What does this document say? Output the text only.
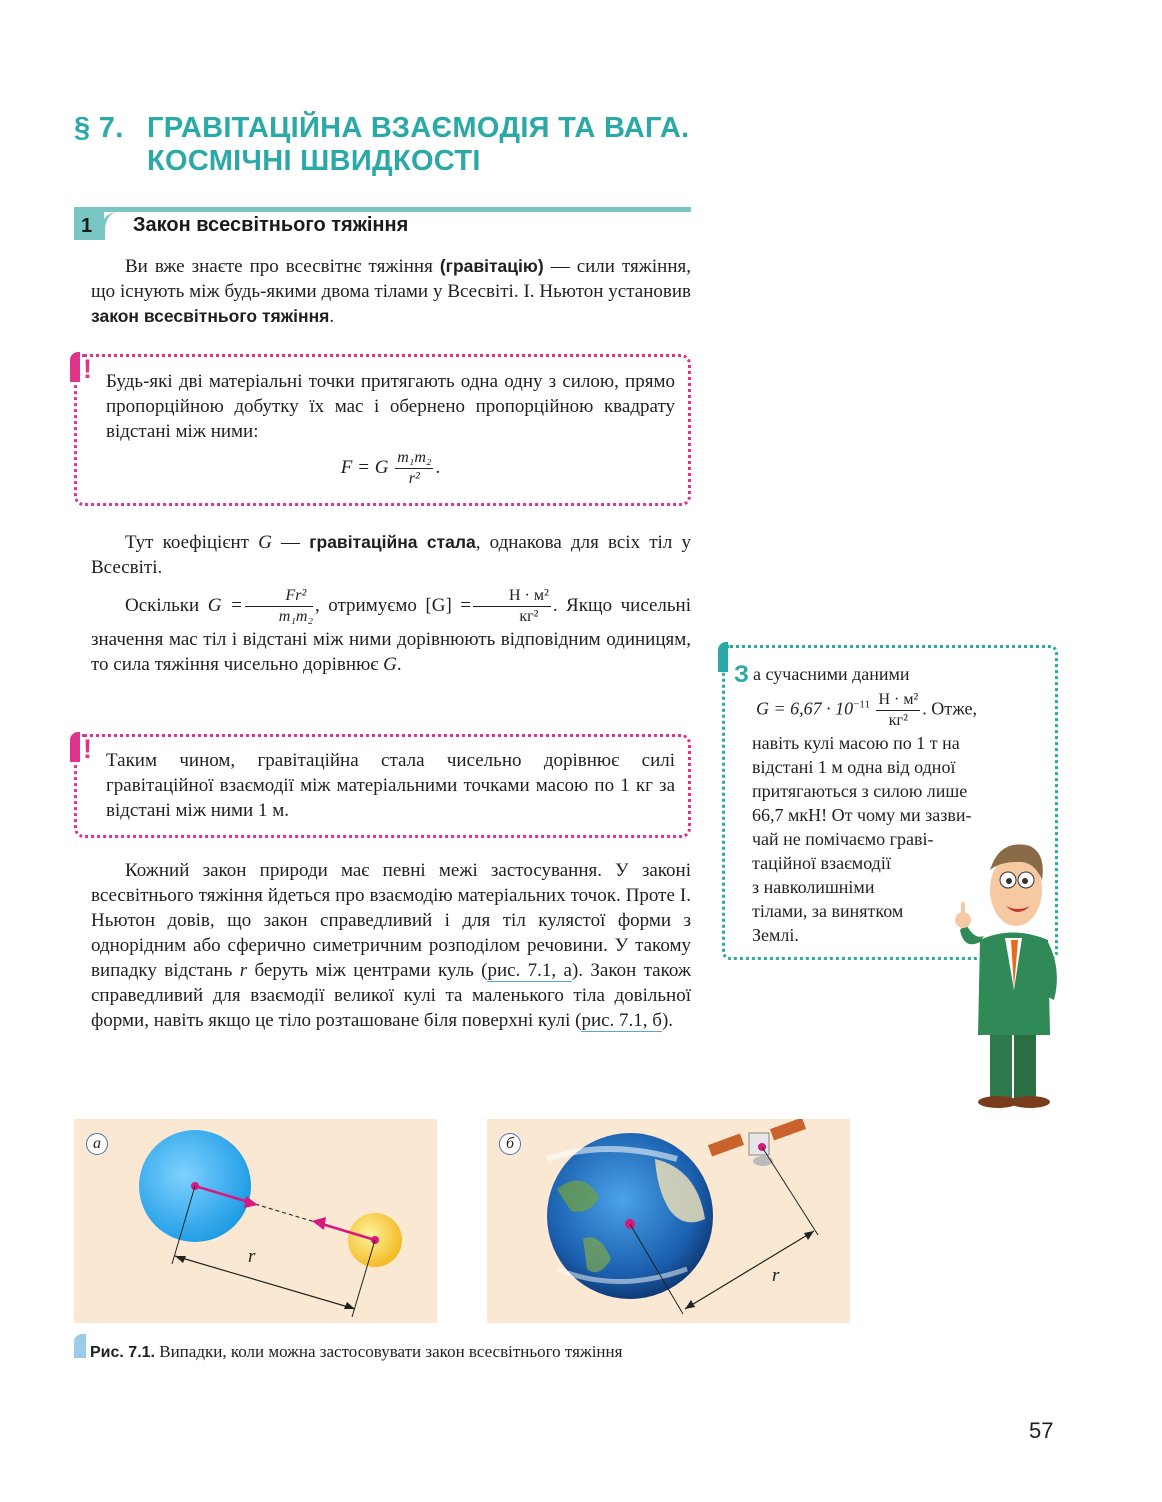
§ 7. ГРАВІТАЦІЙНА ВЗАЄМОДІЯ ТА ВАГА.
КОСМІЧНІ ШВИДКОСТІ
1	Закон всесвітнього тяжіння

Ви вже знаєте про всесвітнє тяжіння (гравітацію) — сили тяжіння, що існують між будь-якими двома тілами у Всесвіті. І. Ньютон установив закон всесвітнього тяжіння.

! Будь-які дві матеріальні точки притягають одна одну з силою, прямо пропорційною добутку їх мас і обернено пропорційною квадрату відстані між ними:

F = G $\frac{\text{m₁m₂}}{\text{r²}}$ .

Тут коефіцієнт G — гравітаційна стала, однакова для всіх тіл у Всесвіті.

Оскільки $G = \frac{\text{Fr²}}{\text{m₁m₂}}$ , отримуємо $[G] = \frac{\text{Н · м²}}{\text{кг²}}$ . Якщо чисельні значення мас тіл і відстані між ними дорівнюють відповідним одиницям, то сила тяжіння чисельно дорівнює G.

! Таким чином, гравітаційна стала чисельно дорівнює силі гравітаційної взаємодії між матеріальними точками масою по 1 кг за відстані між ними 1 м.

Кожний закон природи має певні межі застосування. У законі всесвітнього тяжіння йдеться про взаємодію матеріальних точок. Проте І. Ньютон довів, що закон справедливий і для тіл кулястої форми з однорідним або сферично симетричним розподілом речовини. У такому випадку відстань r беруть між центрами куль (рис. 7.1, а). Закон також справедливий для взаємодії великої кулі та маленького тіла довільної форми, навіть якщо це тіло розташоване біля поверхні кулі (рис. 7.1, б).

З а сучасними даними
$G = 6,67 \cdot 10^{-11} \frac{\text{Н · м²}}{\text{кг²}}$ . Отже,
навіть кулі масою по 1 т на
відстані 1 м одна від одної
притягаються з силою лише
66,7 мкН! От чому ми зазви-
чай не помічаємо граві-
таційної взаємодії
з навколишніми
тілами, за винятком
Землі.
а
r
б
r
Рис. 7.1. Випадки, коли можна застосовувати закон всесвітнього тяжіння
57
